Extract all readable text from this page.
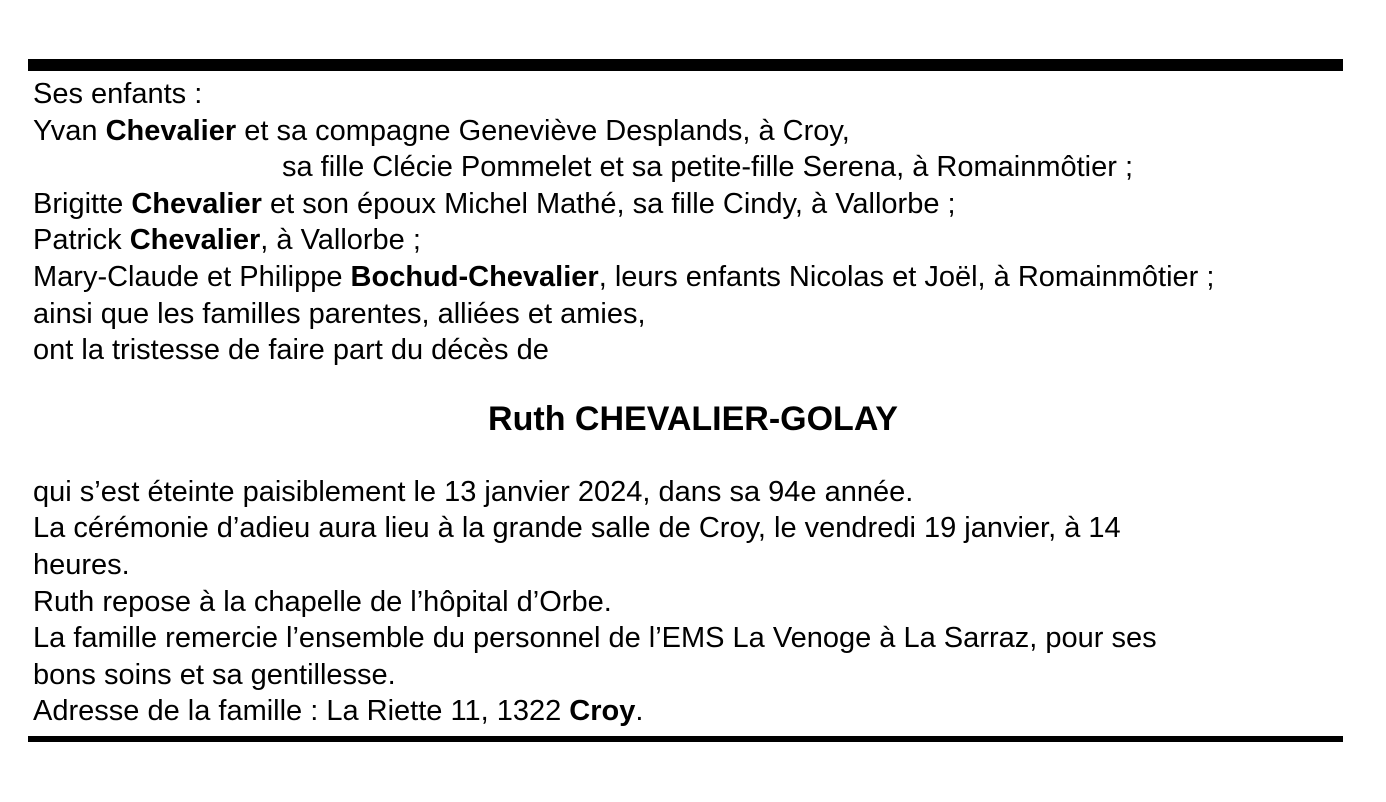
Ses enfants :
Yvan Chevalier et sa compagne Geneviève Desplands, à Croy,
sa fille Clécie Pommelet et sa petite-fille Serena, à Romainmôtier ;
Brigitte Chevalier et son époux Michel Mathé, sa fille Cindy, à Vallorbe ;
Patrick Chevalier, à Vallorbe ;
Mary-Claude et Philippe Bochud-Chevalier, leurs enfants Nicolas et Joël, à Romainmôtier ;
ainsi que les familles parentes, alliées et amies,
ont la tristesse de faire part du décès de
Ruth CHEVALIER-GOLAY
qui s’est éteinte paisiblement le 13 janvier 2024, dans sa 94e année.
La cérémonie d’adieu aura lieu à la grande salle de Croy, le vendredi 19 janvier, à 14
heures.
Ruth repose à la chapelle de l’hôpital d’Orbe.
La famille remercie l’ensemble du personnel de l’EMS La Venoge à La Sarraz, pour ses
bons soins et sa gentillesse.
Adresse de la famille : La Riette 11, 1322 Croy.
